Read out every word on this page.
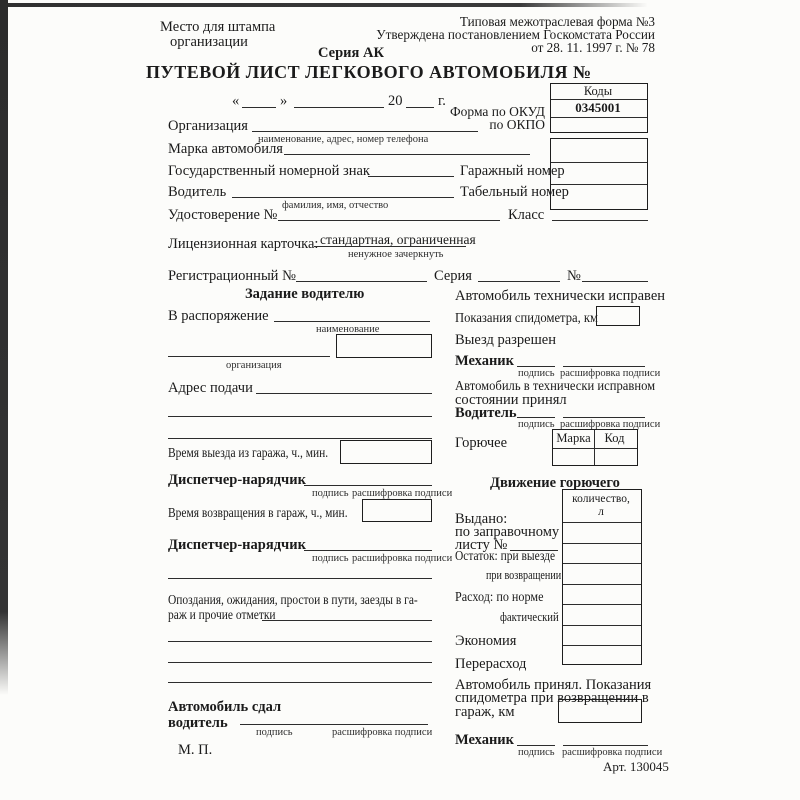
Место для штампа
организации
Типовая межотраслевая форма №3
Утверждена постановлением Госкомстата России
от 28. 11. 1997 г. № 78
Серия АК
ПУТЕВОЙ ЛИСТ ЛЕГКОВОГО АВТОМОБИЛЯ №
«	»	20 г.
Форма по ОКУД
по ОКПО
Коды
0345001
Организация
наименование, адрес, номер телефона
Марка автомобиля
Государственный номерной знак	Гаражный номер
Водитель
фамилия, имя, отчество
Табельный номер
Удостоверение №	Класс
Лицензионная карточка: стандартная, ограниченная
ненужное зачеркнуть
Регистрационный №	Серия	№
Задание водителю
В распоряжение
наименование
организация
Адрес подачи
Время выезда из гаража, ч., мин.
Диспетчер-нарядчик
подпись расшифровка подписи
Время возвращения в гараж, ч., мин.
Диспетчер-нарядчик
подпись расшифровка подписи
Опоздания, ожидания, простои в пути, заезды в га-
раж и прочие отметки
Автомобиль сдал
водитель
подпись	расшифровка подписи
М. П.
Автомобиль технически исправен
Показания спидометра, км
Выезд разрешен
Механик
подпись расшифровка подписи
Автомобиль в технически исправном
состоянии принял
Водитель
подпись расшифровка подписи
Горючее	Марка	Код
Движение горючего
количество,
л
Выдано:
по заправочному
листу №
Остаток: при выезде
при возвращении
Расход: по норме
фактический
Экономия
Перерасход
Автомобиль принял. Показания
спидометра при возвращении в
гараж, км
Механик
подпись расшифровка подписи
Арт. 130045
